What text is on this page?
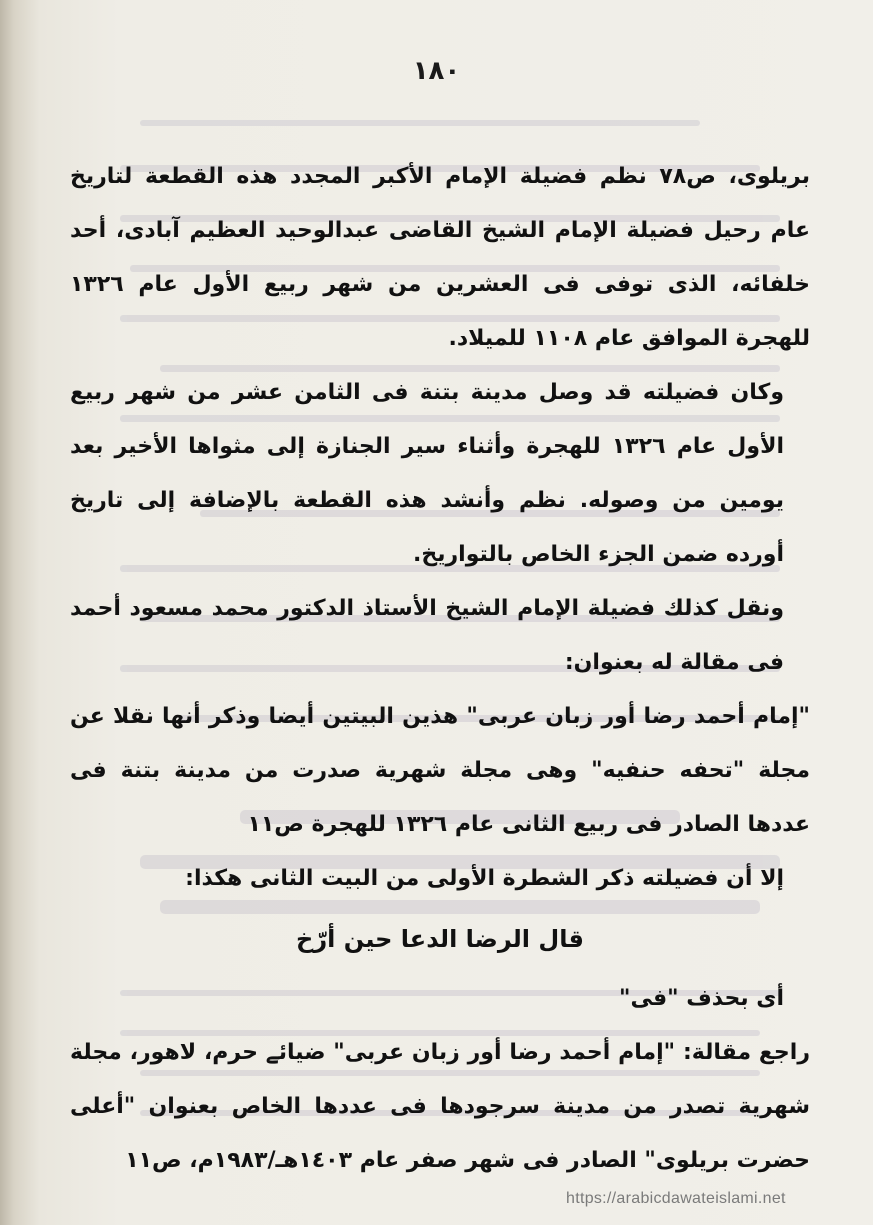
١٨٠

بريلوى، ص٧٨ نظم فضيلة الإمام الأكبر المجدد هذه القطعة لتاريخ عام رحيل فضيلة الإمام الشيخ القاضى عبدالوحيد العظيم آبادى، أحد خلفائه، الذى توفى فى العشرين من شهر ربيع الأول عام ١٣٢٦ للهجرة الموافق عام ١١٠٨ للميلاد.

وكان فضيلته قد وصل مدينة بتنة فى الثامن عشر من شهر ربيع الأول عام ١٣٢٦ للهجرة وأثناء سير الجنازة إلى مثواها الأخير بعد يومين من وصوله. نظم وأنشد هذه القطعة بالإضافة إلى تاريخ أورده ضمن الجزء الخاص بالتواريخ.

ونقل كذلك فضيلة الإمام الشيخ الأستاذ الدكتور محمد مسعود أحمد فى مقالة له بعنوان:

"إمام أحمد رضا أور زبان عربى" هذين البيتين أيضا وذكر أنها نقلا عن مجلة "تحفه حنفيه" وهى مجلة شهرية صدرت من مدينة بتنة فى عددها الصادر فى ربيع الثانى عام ١٣٢٦ للهجرة ص١١

إلا أن فضيلته ذكر الشطرة الأولى من البيت الثانى هكذا:

قال الرضا الدعا حين أرّخ

أى بحذف "فى"

راجع مقالة: "إمام أحمد رضا أور زبان عربى" ضيائے حرم، لاهور، مجلة شهرية تصدر من مدينة سرجودها فى عددها الخاص بعنوان "أعلى حضرت بريلوى" الصادر فى شهر صفر عام ١٤٠٣هـ/١٩٨٣م، ص١١

https://arabicdawateislami.net
